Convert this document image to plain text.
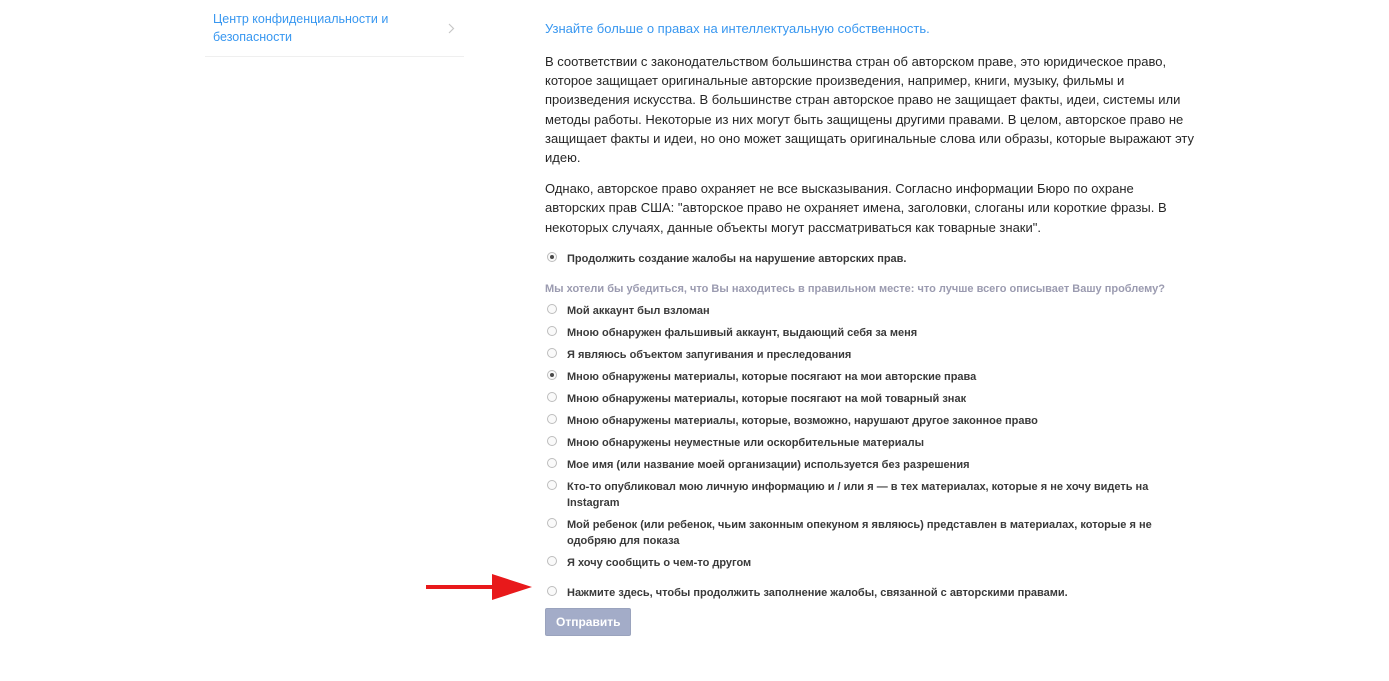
Центр конфиденциальности и безопасности
Узнайте больше о правах на интеллектуальную собственность.

В соответствии с законодательством большинства стран об авторском праве, это юридическое право, которое защищает оригинальные авторские произведения, например, книги, музыку, фильмы и произведения искусства. В большинстве стран авторское право не защищает факты, идеи, системы или методы работы. Некоторые из них могут быть защищены другими правами. В целом, авторское право не защищает факты и идеи, но оно может защищать оригинальные слова или образы, которые выражают эту идею.

Однако, авторское право охраняет не все высказывания. Согласно информации Бюро по охране авторских прав США: "авторское право не охраняет имена, заголовки, слоганы или короткие фразы. В некоторых случаях, данные объекты могут рассматриваться как товарные знаки".

Продолжить создание жалобы на нарушение авторских прав.
Мы хотели бы убедиться, что Вы находитесь в правильном месте: что лучше всего описывает Вашу проблему?
Мой аккаунт был взломан
Мною обнаружен фальшивый аккаунт, выдающий себя за меня
Я являюсь объектом запугивания и преследования
Мною обнаружены материалы, которые посягают на мои авторские права
Мною обнаружены материалы, которые посягают на мой товарный знак
Мною обнаружены материалы, которые, возможно, нарушают другое законное право
Мною обнаружены неуместные или оскорбительные материалы
Мое имя (или название моей организации) используется без разрешения
Кто-то опубликовал мою личную информацию и / или я — в тех материалах, которые я не хочу видеть на Instagram
Мой ребенок (или ребенок, чьим законным опекуном я являюсь) представлен в материалах, которые я не одобряю для показа
Я хочу сообщить о чем-то другом
Нажмите здесь, чтобы продолжить заполнение жалобы, связанной с авторскими правами.
Отправить
